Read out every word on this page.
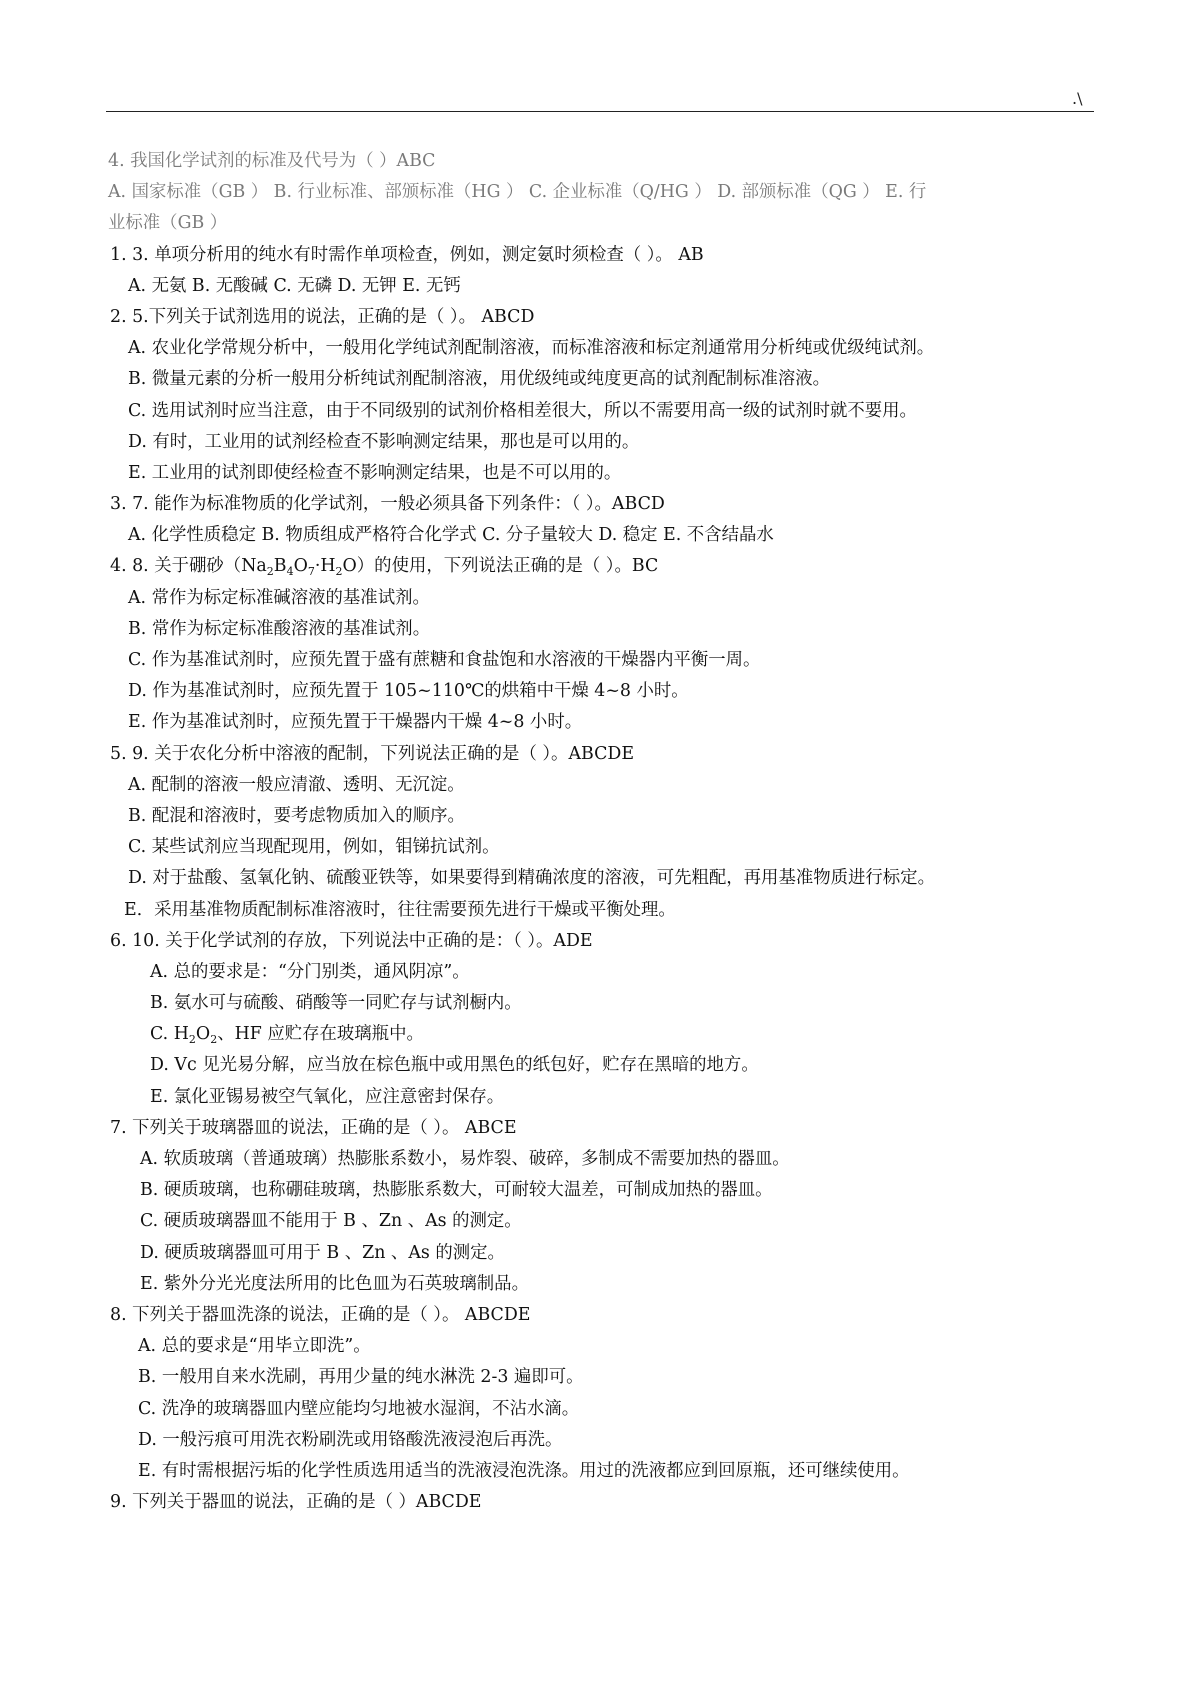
.\
4. 我国化学试剂的标准及代号为（ ）ABC
A. 国家标准（GB ） B. 行业标准、部颁标准（HG ） C. 企业标准（Q/HG ） D. 部颁标准（QG ） E. 行
业标准（GB ）
1. 3. 单项分析用的纯水有时需作单项检查，例如，测定氨时须检查（ ）。 AB
A. 无氨 B. 无酸碱 C. 无磷 D. 无钾 E. 无钙
2. 5.下列关于试剂选用的说法，正确的是（ ）。 ABCD
A. 农业化学常规分析中，一般用化学纯试剂配制溶液，而标准溶液和标定剂通常用分析纯或优级纯试剂。
B. 微量元素的分析一般用分析纯试剂配制溶液，用优级纯或纯度更高的试剂配制标准溶液。
C. 选用试剂时应当注意，由于不同级别的试剂价格相差很大，所以不需要用高一级的试剂时就不要用。
D. 有时，工业用的试剂经检查不影响测定结果，那也是可以用的。
E. 工业用的试剂即使经检查不影响测定结果，也是不可以用的。
3. 7. 能作为标准物质的化学试剂，一般必须具备下列条件：（ ）。ABCD
A. 化学性质稳定 B. 物质组成严格符合化学式 C. 分子量较大 D. 稳定 E. 不含结晶水
4. 8. 关于硼砂$(Na_2B_4O_7\cdot H_2O)$的使用，下列说法正确的是（ ）。BC
A. 常作为标定标准碱溶液的基准试剂。
B. 常作为标定标准酸溶液的基准试剂。
C. 作为基准试剂时，应预先置于盛有蔗糖和食盐饱和水溶液的干燥器内平衡一周。
D. 作为基准试剂时，应预先置于 105~110℃的烘箱中干燥 4~8 小时。
E. 作为基准试剂时，应预先置于干燥器内干燥 4~8 小时。
5. 9. 关于农化分析中溶液的配制，下列说法正确的是（ ）。ABCDE
A. 配制的溶液一般应清澈、透明、无沉淀。
B. 配混和溶液时，要考虑物质加入的顺序。
C. 某些试剂应当现配现用，例如，钼锑抗试剂。
D. 对于盐酸、氢氧化钠、硫酸亚铁等，如果要得到精确浓度的溶液，可先粗配，再用基准物质进行标定。
E．采用基准物质配制标准溶液时，往往需要预先进行干燥或平衡处理。
6. 10. 关于化学试剂的存放，下列说法中正确的是：（ ）。ADE
A. 总的要求是：“分门别类，通风阴凉”。
B. 氨水可与硫酸、硝酸等一同贮存与试剂橱内。
C. $H_2O_2$、HF 应贮存在玻璃瓶中。
D. Vc 见光易分解，应当放在棕色瓶中或用黑色的纸包好，贮存在黑暗的地方。
E. 氯化亚锡易被空气氧化，应注意密封保存。
7. 下列关于玻璃器皿的说法，正确的是（ ）。 ABCE
A. 软质玻璃（普通玻璃）热膨胀系数小，易炸裂、破碎，多制成不需要加热的器皿。
B. 硬质玻璃，也称硼硅玻璃，热膨胀系数大，可耐较大温差，可制成加热的器皿。
C. 硬质玻璃器皿不能用于 B 、Zn 、As 的测定。
D. 硬质玻璃器皿可用于 B 、Zn 、As 的测定。
E. 紫外分光光度法所用的比色皿为石英玻璃制品。
8. 下列关于器皿洗涤的说法，正确的是（ ）。 ABCDE
A. 总的要求是“用毕立即洗”。
B. 一般用自来水洗刷，再用少量的纯水淋洗 2-3 遍即可。
C. 洗净的玻璃器皿内壁应能均匀地被水湿润，不沾水滴。
D. 一般污痕可用洗衣粉刷洗或用铬酸洗液浸泡后再洗。
E. 有时需根据污垢的化学性质选用适当的洗液浸泡洗涤。用过的洗液都应到回原瓶，还可继续使用。
9. 下列关于器皿的说法，正确的是（ ）ABCDE
